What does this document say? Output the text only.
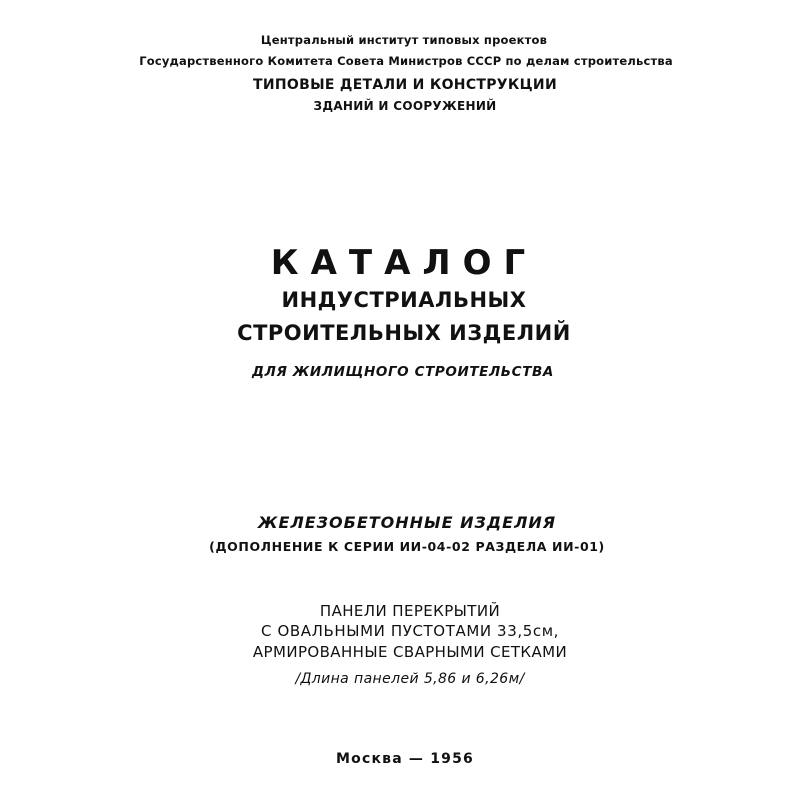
Центральный институт типовых проектов
Государственного Комитета Совета Министров СССР по делам строительства
ТИПОВЫЕ ДЕТАЛИ И КОНСТРУКЦИИ
ЗДАНИЙ И СООРУЖЕНИЙ
КАТАЛОГ
ИНДУСТРИАЛЬНЫХ
СТРОИТЕЛЬНЫХ ИЗДЕЛИЙ
ДЛЯ ЖИЛИЩНОГО СТРОИТЕЛЬСТВА
ЖЕЛЕЗОБЕТОННЫЕ ИЗДЕЛИЯ
(ДОПОЛНЕНИЕ К СЕРИИ ИИ-04-02 РАЗДЕЛА ИИ-01)
ПАНЕЛИ ПЕРЕКРЫТИЙ
С ОВАЛЬНЫМИ ПУСТОТАМИ 33,5см,
АРМИРОВАННЫЕ СВАРНЫМИ СЕТКАМИ
/Длина панелей 5,86 и 6,26м/
Москва — 1956
